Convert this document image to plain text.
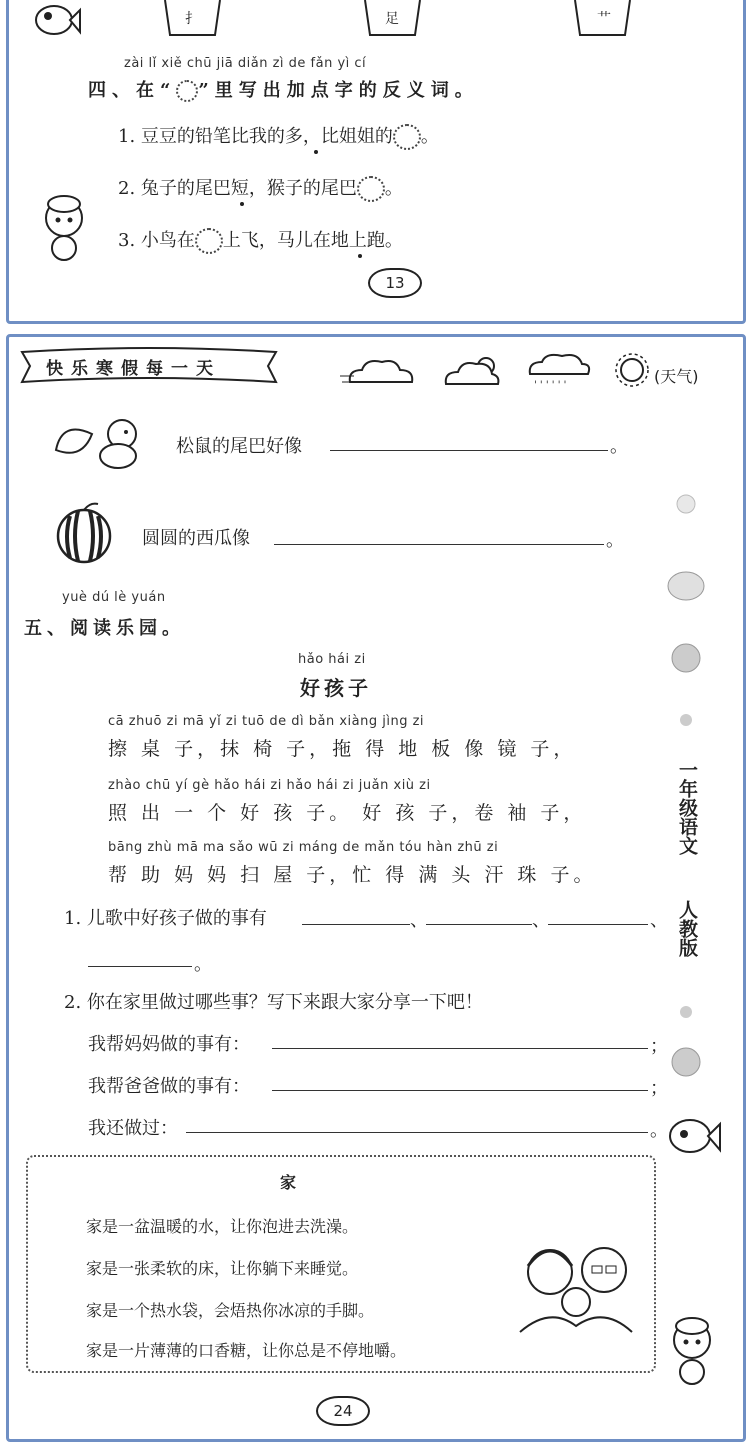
扌	足	艹
zài lǐ xiě chū jiā diǎn zì de fǎn yì cí
四、在“ ”里写出加点字的反义词。
1. 豆豆的铅笔比我的多，比姐姐的 。
2. 兔子的尾巴短，猴子的尾巴 。
3. 小鸟在 上飞，马儿在地上跑。
13
快乐寒假每一天
' ' ' ' ' '	(天气)
松鼠的尾巴好像	。
圆圆的西瓜像	。
yuè dú lè yuán
五、阅读乐园。
hǎo hái zi
好孩子
cā zhuō zi mā yǐ zi tuō de dì bǎn xiàng jìng zi
擦 桌 子，抹 椅 子，拖 得 地 板 像 镜 子，
zhào chū yí gè hǎo hái zi hǎo hái zi juǎn xiù zi
照 出 一 个 好 孩 子。 好 孩 子，卷 袖 子，
bāng zhù mā ma sǎo wū zi máng de mǎn tóu hàn zhū zi
帮 助 妈 妈 扫 屋 子，忙 得 满 头 汗 珠 子。
1. 儿歌中好孩子做的事有	、	、	、
。
2. 你在家里做过哪些事？写下来跟大家分享一下吧！
我帮妈妈做的事有：	；
我帮爸爸做的事有：	；
我还做过：	。
一年级语文
人教版
家
家是一盆温暖的水，让你泡进去洗澡。
家是一张柔软的床，让你躺下来睡觉。
家是一个热水袋，会焐热你冰凉的手脚。
家是一片薄薄的口香糖，让你总是不停地嚼。
24
